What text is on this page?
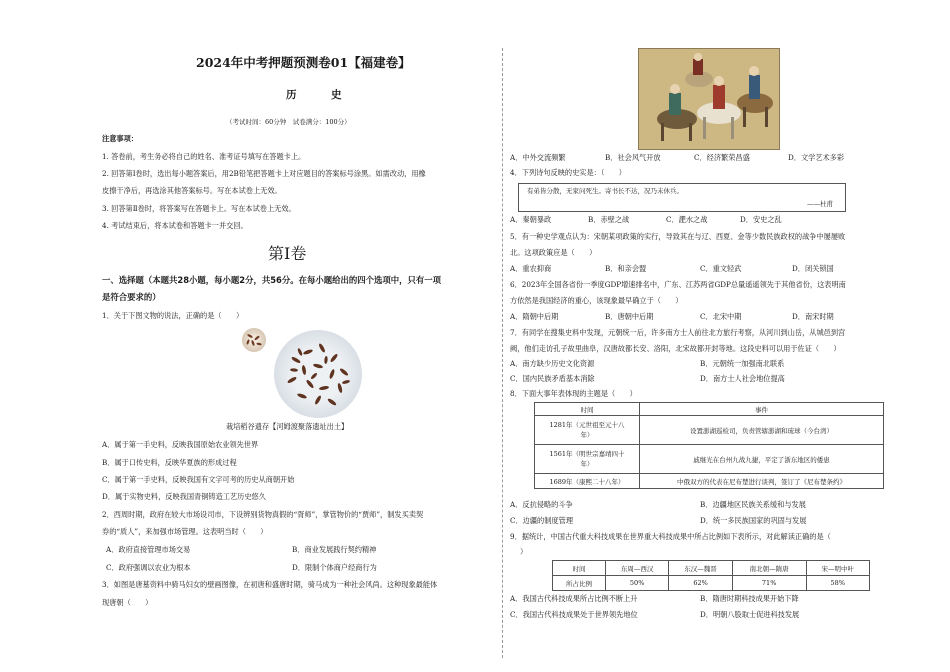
2024年中考押题预测卷01【福建卷】
历　史
（考试时间：60分钟　试卷满分：100分）
注意事项：
1. 答卷前，考生务必将自己的姓名、准考证号填写在答题卡上。
2. 回答第Ⅰ卷时，选出每小题答案后，用2B铅笔把答题卡上对应题目的答案标号涂黑。如需改动，用橡
皮擦干净后，再选涂其他答案标号。写在本试卷上无效。
3. 回答第Ⅱ卷时，将答案写在答题卡上。写在本试卷上无效。
4. 考试结束后，将本试卷和答题卡一并交回。
第Ⅰ卷
一、选择题（本题共28小题，每小题2分，共56分。在每小题给出的四个选项中，只有一项
是符合要求的）
1．关于下图文物的说法，正确的是（　　）
栽培稻谷遗存【河姆渡聚落遗址出土】
A．属于第一手史料，反映我国原始农业领先世界
B．属于口传史料，反映华夏族的形成过程
C．属于第一手史料，反映我国有文字可考的历史从商朝开始
D．属于实物史料，反映我国青铜铸造工艺历史悠久
2．西周时期，政府在较大市场设司市，下设辨别货物真假的“胥师”，掌管物价的“贾师”，制发买卖契
券的“质人”，来加强市场管理。这表明当时（　　）
A．政府直接管理市场交易	B．商业发展践行契约精神
C．政府强调以农业为根本	D．限制个体商户经商行为
3．如图是唐墓资料中骑马妇女的壁画图像，在初唐和盛唐时期，骑马成为一种社会风尚。这种现象最能体
现唐朝（　　）
A．中外交流频繁	B．社会风气开放	C．经济繁荣昌盛	D．文学艺术多彩
4．下列诗句反映的史实是：（　　）
有弟皆分散，无家问死生。寄书长不达，况乃未休兵。
——杜甫
A．秦朝暴政	B．赤壁之战	C．淝水之战	D．安史之乱
5．有一种史学观点认为：宋朝某项政策的实行，导致其在与辽、西夏、金等少数民族政权的战争中屡屡败
北。这项政策应是（　　）
A．重农抑商	B．和亲会盟	C．重文轻武	D．闭关锁国
6．2023年全国各省份一季度GDP增速排名中，广东、江苏两省GDP总量遥遥领先于其他省份，这表明南
方依然是我国经济的重心，该现象最早确立于（　　）
A．隋朝中后期	B．唐朝中后期	C．北宋中期	D．南宋时期
7．有同学在搜集史料中发现，元朝统一后，许多南方士人前往北方旅行考察，从河川到山岳，从城邑到宫
阙，他们走访孔子故里曲阜，汉唐故都长安、洛阳，北宋故都开封等地。这段史料可以用于佐证（　　）
A．南方缺少历史文化资源	B．元朝统一加强南北联系
C．国内民族矛盾基本消除	D．南方士人社会地位提高
8．下面大事年表体现的主题是（　　）
时间	事件

1281年（元世祖至元十八
年）	设置澎湖巡检司，负责管辖澎湖和琉球（今台湾）

1561年（明世宗嘉靖四十
年）	戚继光在台州九战九捷，平定了浙东地区的倭患
1689年（康熙二十八年）	中俄双方的代表在尼布楚进行谈判，签订了《尼布楚条约》
A．反抗侵略的斗争	B．边疆地区民族关系缓和与发展
C．边疆的制度管理	D．统一多民族国家的巩固与发展
9．据统计，中国古代重大科技成果在世界重大科技成果中所占比例如下表所示，对此解读正确的是（
）
时间	东周—西汉	东汉—魏晋	南北朝—隋唐	宋—明中叶
所占比例	50%	62%	71%	58%
A．我国古代科技成果所占比例不断上升	B．隋唐时期科技成果开始下降
C．我国古代科技成果处于世界领先地位	D．明朝八股取士促进科技发展
